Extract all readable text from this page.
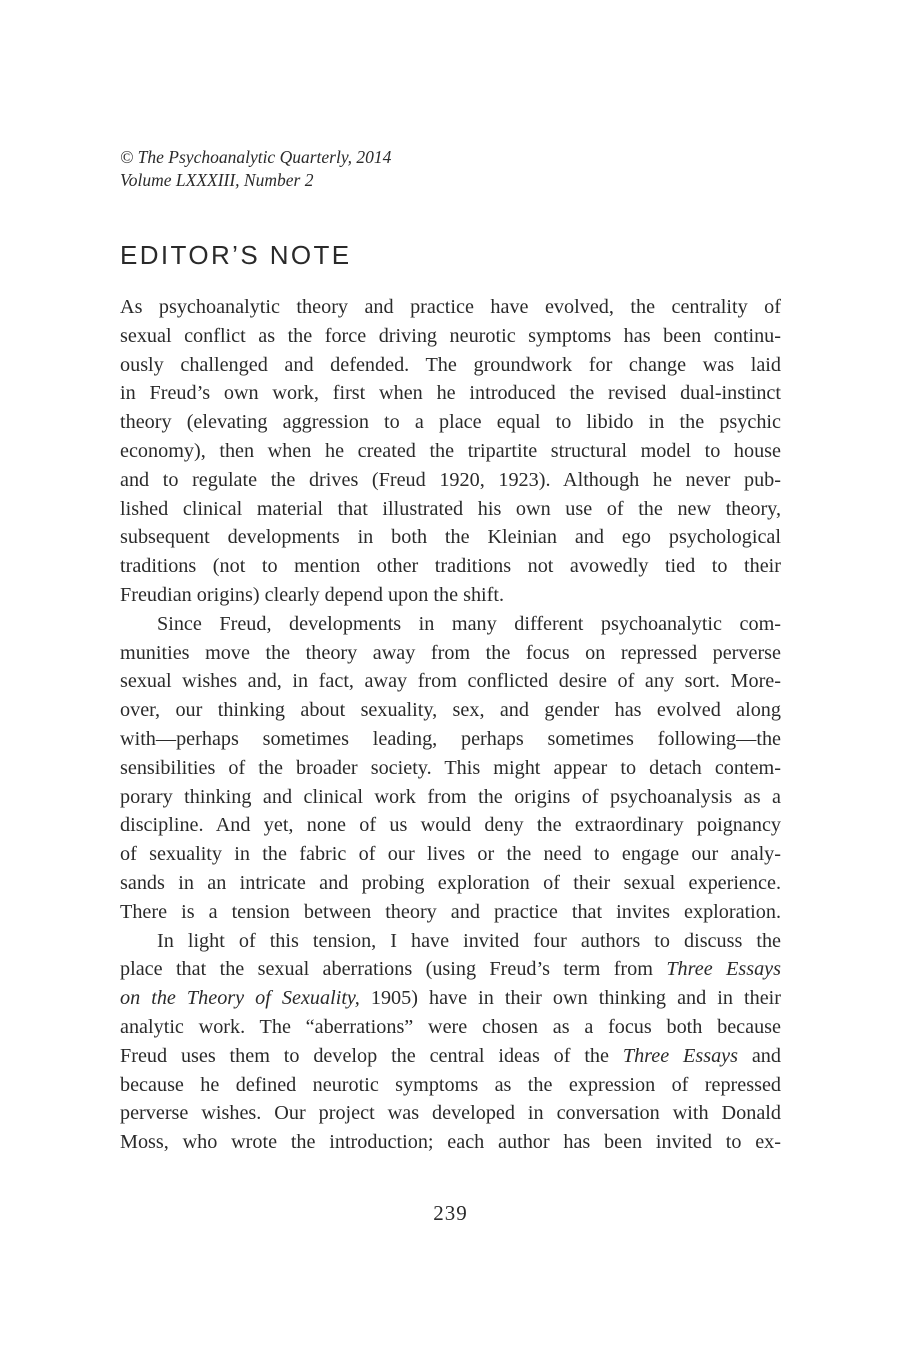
© The Psychoanalytic Quarterly, 2014
Volume LXXXIII, Number 2
EDITOR’S NOTE
As psychoanalytic theory and practice have evolved, the centrality of
sexual conflict as the force driving neurotic symptoms has been continu-
ously challenged and defended. The groundwork for change was laid
in Freud’s own work, first when he introduced the revised dual-instinct
theory (elevating aggression to a place equal to libido in the psychic
economy), then when he created the tripartite structural model to house
and to regulate the drives (Freud 1920, 1923). Although he never pub-
lished clinical material that illustrated his own use of the new theory,
subsequent developments in both the Kleinian and ego psychological
traditions (not to mention other traditions not avowedly tied to their
Freudian origins) clearly depend upon the shift.
Since Freud, developments in many different psychoanalytic com-
munities move the theory away from the focus on repressed perverse
sexual wishes and, in fact, away from conflicted desire of any sort. More-
over, our thinking about sexuality, sex, and gender has evolved along
with—perhaps sometimes leading, perhaps sometimes following—the
sensibilities of the broader society. This might appear to detach contem-
porary thinking and clinical work from the origins of psychoanalysis as a
discipline. And yet, none of us would deny the extraordinary poignancy
of sexuality in the fabric of our lives or the need to engage our analy-
sands in an intricate and probing exploration of their sexual experience.
There is a tension between theory and practice that invites exploration.
In light of this tension, I have invited four authors to discuss the
place that the sexual aberrations (using Freud’s term from Three Essays
on the Theory of Sexuality, 1905) have in their own thinking and in their
analytic work. The “aberrations” were chosen as a focus both because
Freud uses them to develop the central ideas of the Three Essays and
because he defined neurotic symptoms as the expression of repressed
perverse wishes. Our project was developed in conversation with Donald
Moss, who wrote the introduction; each author has been invited to ex-
239
